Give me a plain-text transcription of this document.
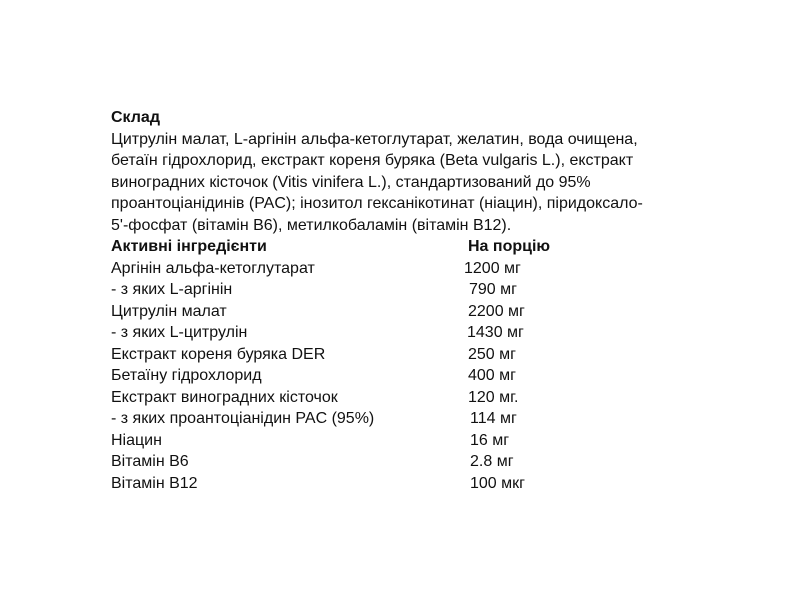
Склад

Цитрулін малат, L-аргінін альфа-кетоглутарат, желатин, вода очищена,
бетаїн гідрохлорид, екстракт кореня буряка (Beta vulgaris L.), екстракт
виноградних кісточок (Vitis vinifera L.), стандартизований до 95%
проантоціанідинів (PAC); інозитол гексанікотинат (ніацин), піридоксало-
5'-фосфат (вітамін В6), метилкобаламін (вітамін В12).

Активні інгредієнти	На порцію
Аргінін альфа-кетоглутарат	1200 мг
- з яких L-аргінін	790 мг
Цитрулін малат	2200 мг
- з яких L-цитрулін	1430 мг
Екстракт кореня буряка DER	250 мг
Бетаїну гідрохлорид	400 мг
Екстракт виноградних кісточок	120 мг.
- з яких проантоціанідин PAC (95%)	114 мг
Ніацин	16 мг
Вітамін В6	2.8 мг
Вітамін В12	100 мкг
